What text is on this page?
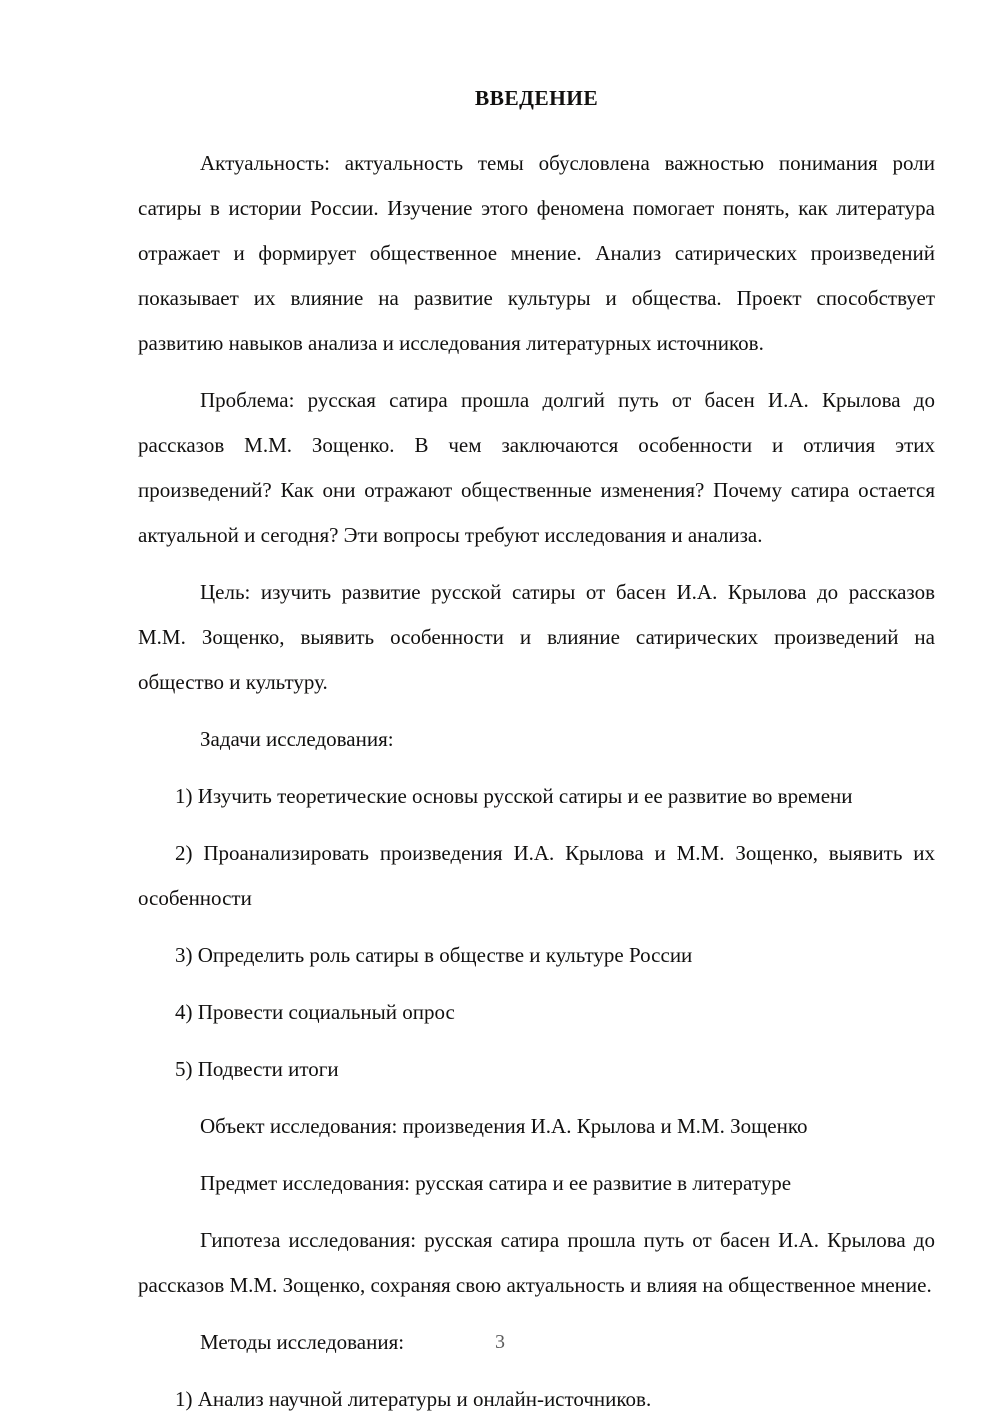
ВВЕДЕНИЕ

Актуальность: актуальность темы обусловлена важностью понимания роли сатиры в истории России. Изучение этого феномена помогает понять, как литература отражает и формирует общественное мнение. Анализ сатирических произведений показывает их влияние на развитие культуры и общества. Проект способствует развитию навыков анализа и исследования литературных источников.

Проблема: русская сатира прошла долгий путь от басен И.А. Крылова до рассказов М.М. Зощенко. В чем заключаются особенности и отличия этих произведений? Как они отражают общественные изменения? Почему сатира остается актуальной и сегодня? Эти вопросы требуют исследования и анализа.

Цель: изучить развитие русской сатиры от басен И.А. Крылова до рассказов М.М. Зощенко, выявить особенности и влияние сатирических произведений на общество и культуру.

Задачи исследования:

1) Изучить теоретические основы русской сатиры и ее развитие во времени

2) Проанализировать произведения И.А. Крылова и М.М. Зощенко, выявить их особенности

3) Определить роль сатиры в обществе и культуре России

4) Провести социальный опрос

5) Подвести итоги

Объект исследования: произведения И.А. Крылова и М.М. Зощенко

Предмет исследования: русская сатира и ее развитие в литературе

Гипотеза исследования: русская сатира прошла путь от басен И.А. Крылова до рассказов М.М. Зощенко, сохраняя свою актуальность и влияя на общественное мнение.

Методы исследования:

1) Анализ научной литературы и онлайн-источников.

3
